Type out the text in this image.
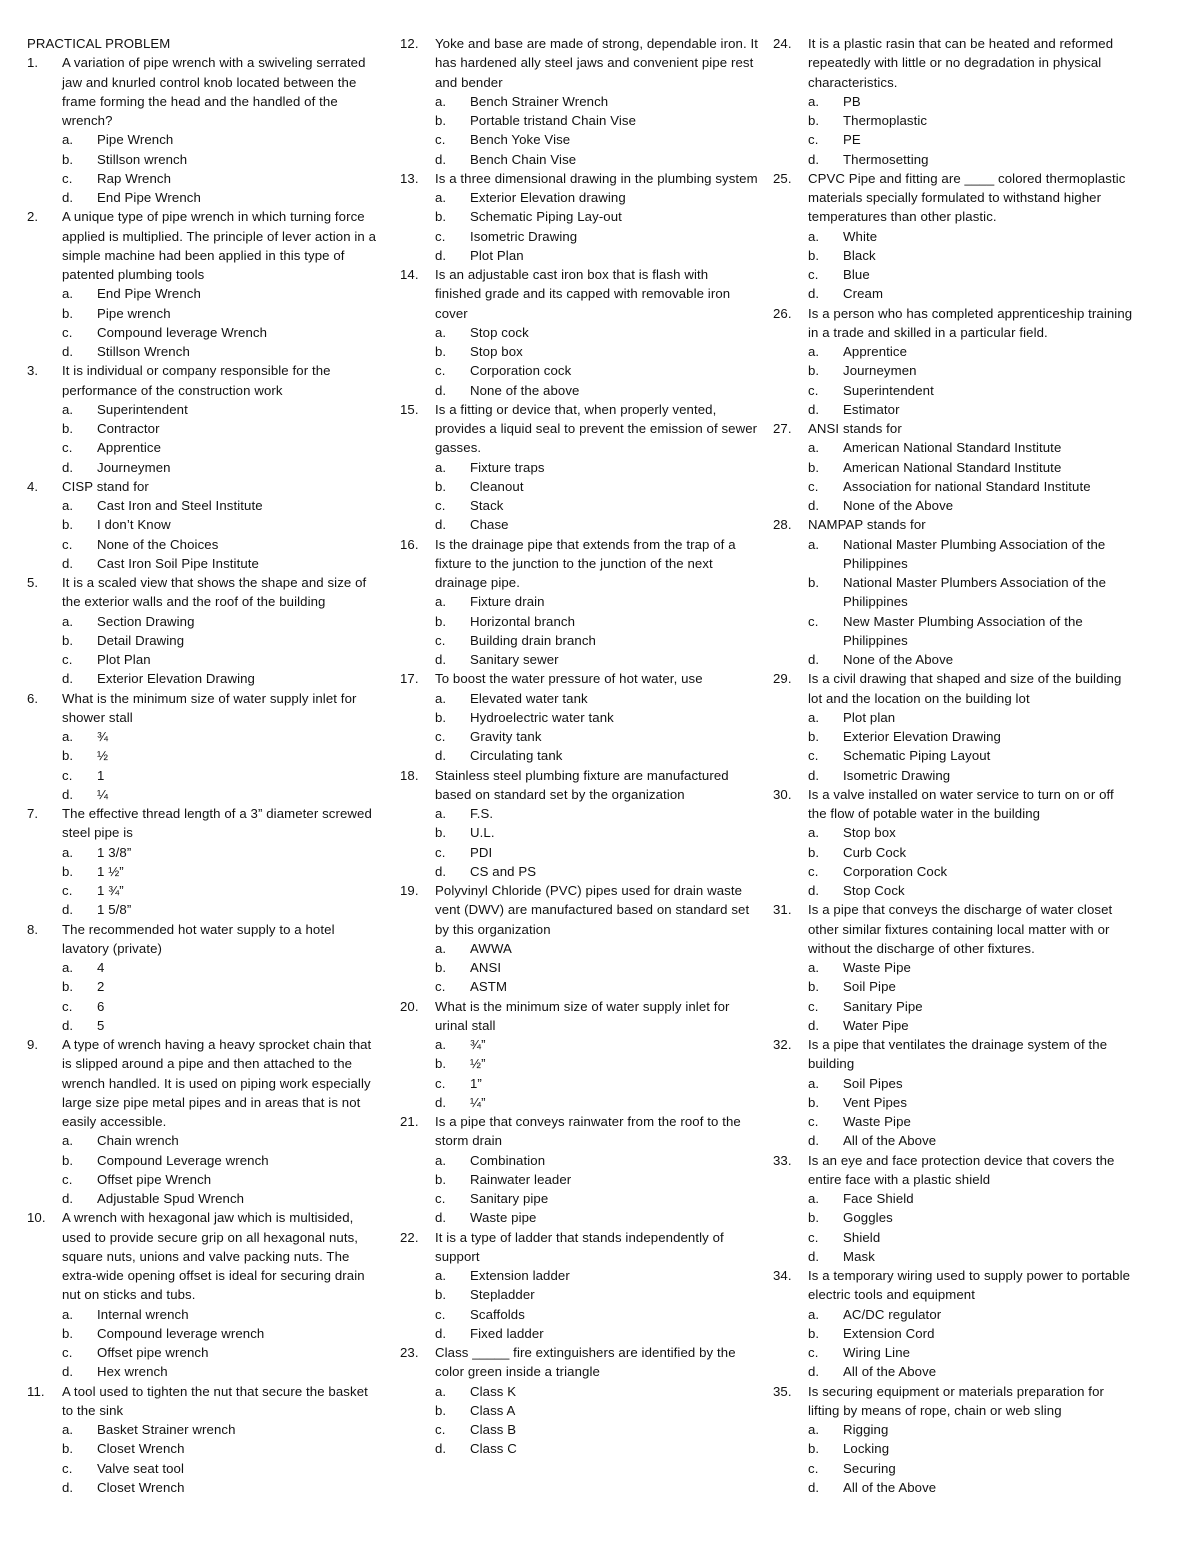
PRACTICAL PROBLEM
1. A variation of pipe wrench with a swiveling serrated jaw and knurled control knob located between the frame forming the head and the handled of the wrench?
a. Pipe Wrench
b. Stillson wrench
c. Rap Wrench
d. End Pipe Wrench
2. A unique type of pipe wrench in which turning force applied is multiplied. The principle of lever action in a simple machine had been applied in this type of patented plumbing tools
a. End Pipe Wrench
b. Pipe wrench
c. Compound leverage Wrench
d. Stillson Wrench
3. It is individual or company responsible for the performance of the construction work
a. Superintendent
b. Contractor
c. Apprentice
d. Journeymen
4. CISP stand for
a. Cast Iron and Steel Institute
b. I don’t Know
c. None of the Choices
d. Cast Iron Soil Pipe Institute
5. It is a scaled view that shows the shape and size of the exterior walls and the roof of the building
a. Section Drawing
b. Detail Drawing
c. Plot Plan
d. Exterior Elevation Drawing
6. What is the minimum size of water supply inlet for shower stall
a. ¾
b. ½
c. 1
d. ¼
7. The effective thread length of a 3” diameter screwed steel pipe is
a. 1 3/8”
b. 1 ½”
c. 1 ¾”
d. 1 5/8”
8. The recommended hot water supply to a hotel lavatory (private)
a. 4
b. 2
c. 6
d. 5
9. A type of wrench having a heavy sprocket chain that is slipped around a pipe and then attached to the wrench handled. It is used on piping work especially large size pipe metal pipes and in areas that is not easily accessible.
a. Chain wrench
b. Compound Leverage wrench
c. Offset pipe Wrench
d. Adjustable Spud Wrench
10. A wrench with hexagonal jaw which is multisided, used to provide secure grip on all hexagonal nuts, square nuts, unions and valve packing nuts. The extra-wide opening offset is ideal for securing drain nut on sticks and tubs.
a. Internal wrench
b. Compound leverage wrench
c. Offset pipe wrench
d. Hex wrench
11. A tool used to tighten the nut that secure the basket to the sink
a. Basket Strainer wrench
b. Closet Wrench
c. Valve seat tool
d. Closet Wrench
12. Yoke and base are made of strong, dependable iron. It has hardened ally steel jaws and convenient pipe rest and bender
a. Bench Strainer Wrench
b. Portable tristand Chain Vise
c. Bench Yoke Vise
d. Bench Chain Vise
13. Is a three dimensional drawing in the plumbing system
a. Exterior Elevation drawing
b. Schematic Piping Lay-out
c. Isometric Drawing
d. Plot Plan
14. Is an adjustable cast iron box that is flash with finished grade and its capped with removable iron cover
a. Stop cock
b. Stop box
c. Corporation cock
d. None of the above
15. Is a fitting or device that, when properly vented, provides a liquid seal to prevent the emission of sewer gasses.
a. Fixture traps
b. Cleanout
c. Stack
d. Chase
16. Is the drainage pipe that extends from the trap of a fixture to the junction to the junction of the next drainage pipe.
a. Fixture drain
b. Horizontal branch
c. Building drain branch
d. Sanitary sewer
17. To boost the water pressure of hot water, use
a. Elevated water tank
b. Hydroelectric water tank
c. Gravity tank
d. Circulating tank
18. Stainless steel plumbing fixture are manufactured based on standard set by the organization
a. F.S.
b. U.L.
c. PDI
d. CS and PS
19. Polyvinyl Chloride (PVC) pipes used for drain waste vent (DWV) are manufactured based on standard set by this organization
a. AWWA
b. ANSI
c. ASTM
20. What is the minimum size of water supply inlet for urinal stall
a. ¾”
b. ½”
c. 1”
d. ¼”
21. Is a pipe that conveys rainwater from the roof to the storm drain
a. Combination
b. Rainwater leader
c. Sanitary pipe
d. Waste pipe
22. It is a type of ladder that stands independently of support
a. Extension ladder
b. Stepladder
c. Scaffolds
d. Fixed ladder
23. Class _____ fire extinguishers are identified by the color green inside a triangle
a. Class K
b. Class A
c. Class B
d. Class C
24. It is a plastic rasin that can be heated and reformed repeatedly with little or no degradation in physical characteristics.
a. PB
b. Thermoplastic
c. PE
d. Thermosetting
25. CPVC Pipe and fitting are ____ colored thermoplastic materials specially formulated to withstand higher temperatures than other plastic.
a. White
b. Black
c. Blue
d. Cream
26. Is a person who has completed apprenticeship training in a trade and skilled in a particular field.
a. Apprentice
b. Journeymen
c. Superintendent
d. Estimator
27. ANSI stands for
a. American National Standard Institute
b. American National Standard Institute
c. Association for national Standard Institute
d. None of the Above
28. NAMPAP stands for
a. National Master Plumbing Association of the Philippines
b. National Master Plumbers Association of the Philippines
c. New Master Plumbing Association of the Philippines
d. None of the Above
29. Is a civil drawing that shaped and size of the building lot and the location on the building lot
a. Plot plan
b. Exterior Elevation Drawing
c. Schematic Piping Layout
d. Isometric Drawing
30. Is a valve installed on water service to turn on or off the flow of potable water in the building
a. Stop box
b. Curb Cock
c. Corporation Cock
d. Stop Cock
31. Is a pipe that conveys the discharge of water closet other similar fixtures containing local matter with or without the discharge of other fixtures.
a. Waste Pipe
b. Soil Pipe
c. Sanitary Pipe
d. Water Pipe
32. Is a pipe that ventilates the drainage system of the building
a. Soil Pipes
b. Vent Pipes
c. Waste Pipe
d. All of the Above
33. Is an eye and face protection device that covers the entire face with a plastic shield
a. Face Shield
b. Goggles
c. Shield
d. Mask
34. Is a temporary wiring used to supply power to portable electric tools and equipment
a. AC/DC regulator
b. Extension Cord
c. Wiring Line
d. All of the Above
35. Is securing equipment or materials preparation for lifting by means of rope, chain or web sling
a. Rigging
b. Locking
c. Securing
d. All of the Above
